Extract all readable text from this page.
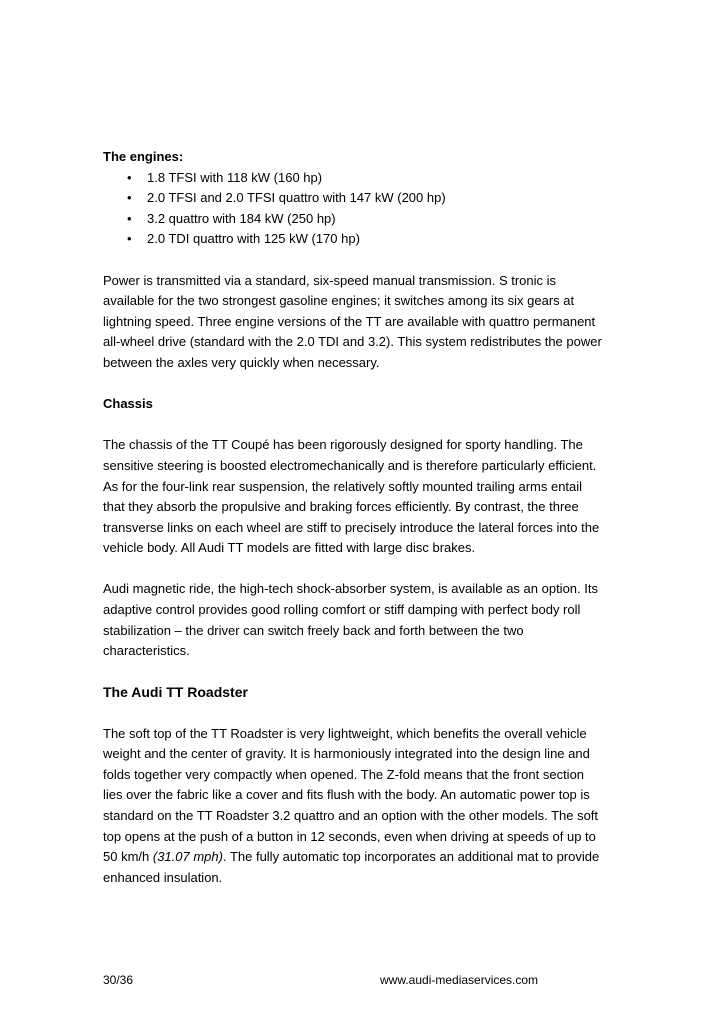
The engines:

• 1.8 TFSI with 118 kW (160 hp)
• 2.0 TFSI and 2.0 TFSI quattro with 147 kW (200 hp)
• 3.2 quattro with 184 kW (250 hp)
• 2.0 TDI quattro with 125 kW (170 hp)

Power is transmitted via a standard, six-speed manual transmission. S tronic is available for the two strongest gasoline engines; it switches among its six gears at lightning speed. Three engine versions of the TT are available with quattro permanent all-wheel drive (standard with the 2.0 TDI and 3.2). This system redistributes the power between the axles very quickly when necessary.

Chassis

The chassis of the TT Coupé has been rigorously designed for sporty handling. The sensitive steering is boosted electromechanically and is therefore particularly efficient. As for the four-link rear suspension, the relatively softly mounted trailing arms entail that they absorb the propulsive and braking forces efficiently. By contrast, the three transverse links on each wheel are stiff to precisely introduce the lateral forces into the vehicle body. All Audi TT models are fitted with large disc brakes.

Audi magnetic ride, the high-tech shock-absorber system, is available as an option. Its adaptive control provides good rolling comfort or stiff damping with perfect body roll stabilization – the driver can switch freely back and forth between the two characteristics.

The Audi TT Roadster

The soft top of the TT Roadster is very lightweight, which benefits the overall vehicle weight and the center of gravity. It is harmoniously integrated into the design line and folds together very compactly when opened. The Z-fold means that the front section lies over the fabric like a cover and fits flush with the body. An automatic power top is standard on the TT Roadster 3.2 quattro and an option with the other models. The soft top opens at the push of a button in 12 seconds, even when driving at speeds of up to 50 km/h (31.07 mph). The fully automatic top incorporates an additional mat to provide enhanced insulation.

30/36	www.audi-mediaservices.com
